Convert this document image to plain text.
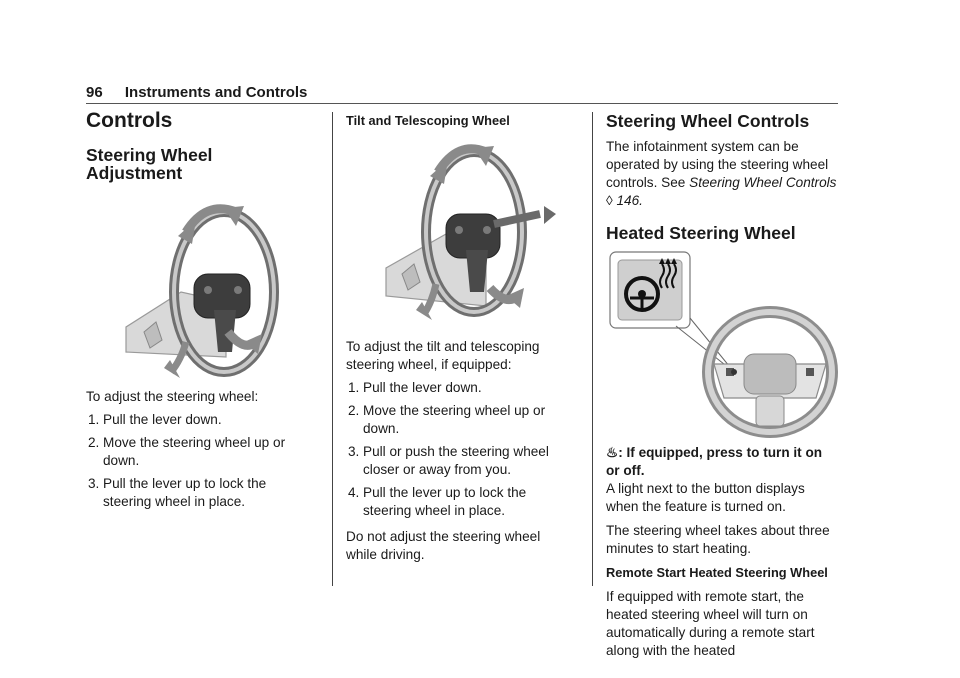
96 Instruments and Controls
Controls
Steering Wheel Adjustment

To adjust the steering wheel:

1. Pull the lever down.
2. Move the steering wheel up or down.
3. Pull the lever up to lock the steering wheel in place.

Tilt and Telescoping Wheel

To adjust the tilt and telescoping steering wheel, if equipped:

1. Pull the lever down.
2. Move the steering wheel up or down.
3. Pull or push the steering wheel closer or away from you.
4. Pull the lever up to lock the steering wheel in place.

Do not adjust the steering wheel while driving.

Steering Wheel Controls

The infotainment system can be operated by using the steering wheel controls. See Steering Wheel Controls ◊ 146.

Heated Steering Wheel

♨: If equipped, press to turn it on or off.

A light next to the button displays when the feature is turned on.

The steering wheel takes about three minutes to start heating.

Remote Start Heated Steering Wheel

If equipped with remote start, the heated steering wheel will turn on automatically during a remote start along with the heated
